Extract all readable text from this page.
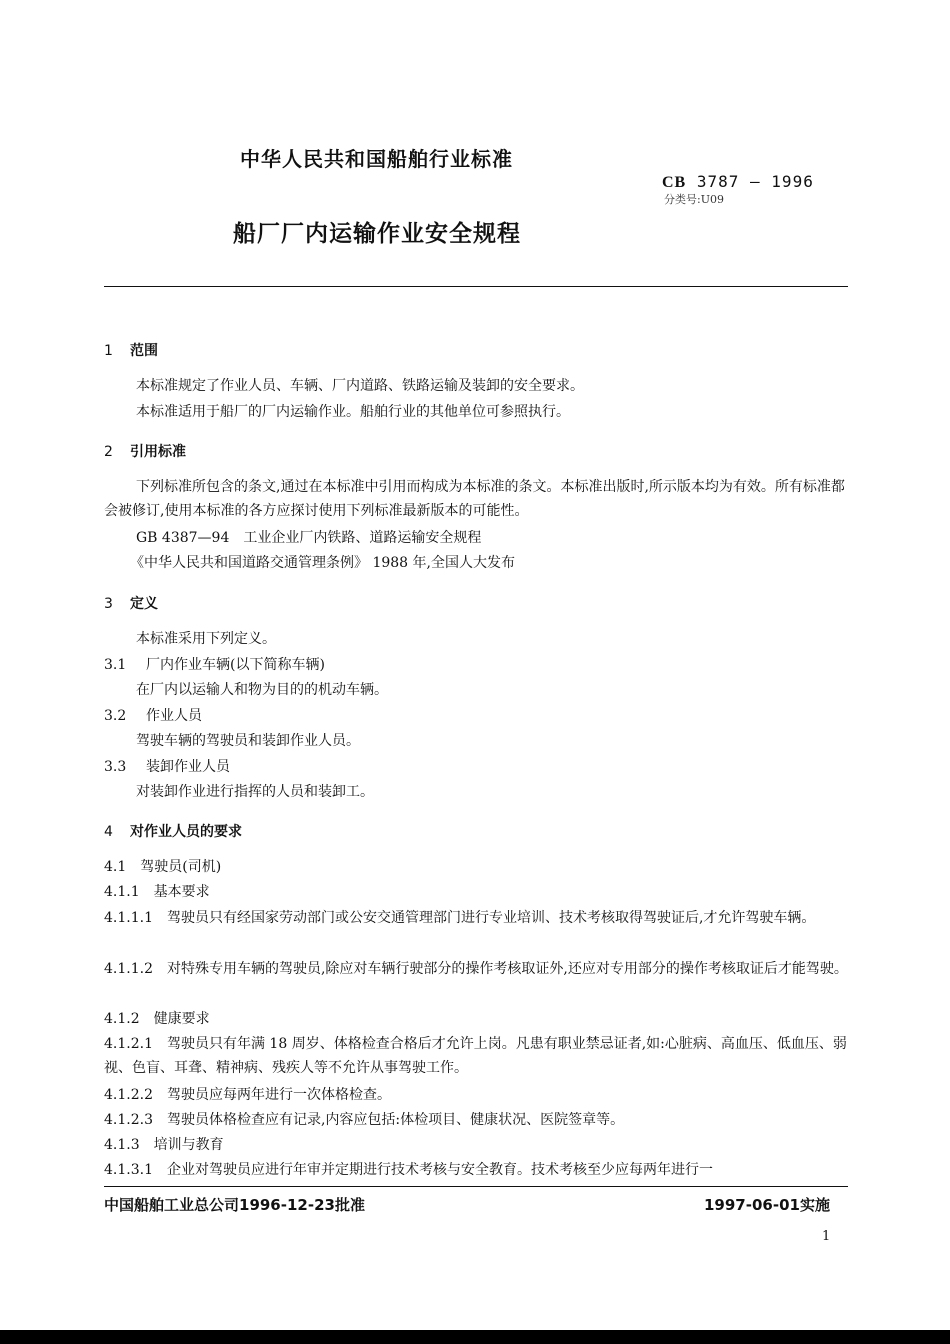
中华人民共和国船舶行业标准
CB 3787 — 1996
分类号:U09
船厂厂内运输作业安全规程
1 范围
本标准规定了作业人员、车辆、厂内道路、铁路运输及装卸的安全要求。
本标准适用于船厂的厂内运输作业。船舶行业的其他单位可参照执行。
2 引用标准
下列标准所包含的条文,通过在本标准中引用而构成为本标准的条文。本标准出版时,所示版本均为有效。所有标准都会被修订,使用本标准的各方应探讨使用下列标准最新版本的可能性。
GB 4387—94　工业企业厂内铁路、道路运输安全规程
《中华人民共和国道路交通管理条例》 1988 年,全国人大发布
3 定义
本标准采用下列定义。
3.1 厂内作业车辆(以下简称车辆)
在厂内以运输人和物为目的的机动车辆。
3.2 作业人员
驾驶车辆的驾驶员和装卸作业人员。
3.3 装卸作业人员
对装卸作业进行指挥的人员和装卸工。
4 对作业人员的要求
4.1　驾驶员(司机)
4.1.1　基本要求
4.1.1.1　驾驶员只有经国家劳动部门或公安交通管理部门进行专业培训、技术考核取得驾驶证后,才允许驾驶车辆。
4.1.1.2　对特殊专用车辆的驾驶员,除应对车辆行驶部分的操作考核取证外,还应对专用部分的操作考核取证后才能驾驶。
4.1.2　健康要求
4.1.2.1　驾驶员只有年满 18 周岁、体格检查合格后才允许上岗。凡患有职业禁忌证者,如:心脏病、高血压、低血压、弱视、色盲、耳聋、精神病、残疾人等不允许从事驾驶工作。
4.1.2.2　驾驶员应每两年进行一次体格检查。
4.1.2.3　驾驶员体格检查应有记录,内容应包括:体检项目、健康状况、医院签章等。
4.1.3　培训与教育
4.1.3.1　企业对驾驶员应进行年审并定期进行技术考核与安全教育。技术考核至少应每两年进行一
中国船舶工业总公司1996-12-23批准	1997-06-01实施
1
